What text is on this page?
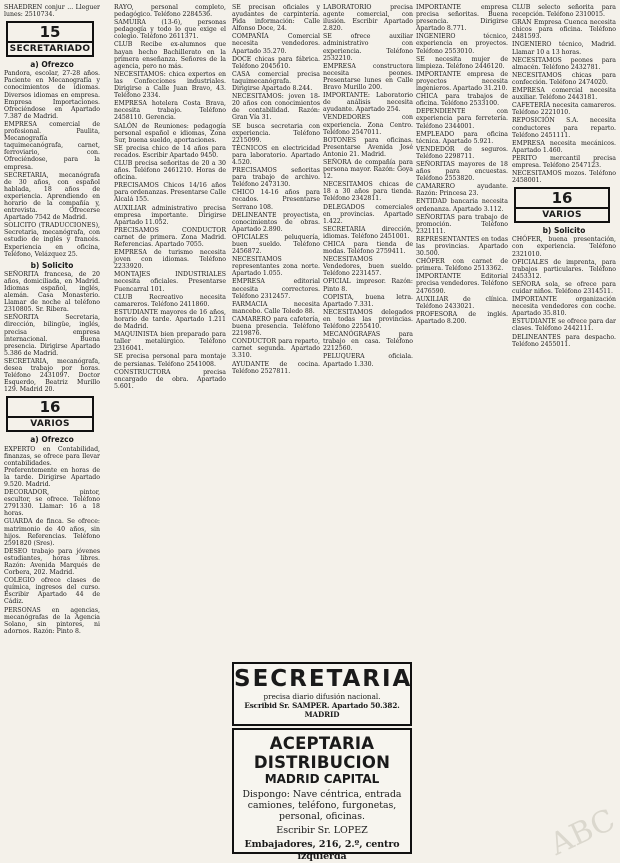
SHAEDREN conjur ... Lleguer lunes: 2510734.

15
SECRETARIADO
a) Ofrezco

Pandora, escolar, 27-28 años. Paciente en Mecanografía y conocimientos de idiomas. Diversos idiomas en empresa. Empresa Importaciones. Ofreciéndose en Apartado 7.387 de Madrid.

EMPRESA comercial de profesional. Paulita, Mecanografía taquimecanógrafa, carnet, ferroviario, con. Ofreciéndose, para la empresa.

SECRETARIA, mecanógrafa de 30 años, con español hablada, 18 años de experiencia. Aprendiendo en horario de la compañía y, entrevista. Ofrecerse Apartado 7542 de Madrid.

SOLICITO (TRADUCCIONES), Secretaria, mecanógrafa, con estudio de inglés y francés. Experiencia en oficina, Teléfono, Velázquez 25.

b) Solicito

SEÑORITA francesa, de 20 años, domiciliada, en Madrid. Idiomas español, inglés, alemán. Casa Monasterio. Llamar de noche al teléfono 2310805. Sr. Ribera.

SEÑORITA Secretaria, dirección, bilingüe, inglés, precisa empresa internacional. Buena presencia. Dirigirse Apartado 5.386 de Madrid.

SECRETARIA, mecanógrafa, desea trabajo por horas. Teléfono 2431097. Doctor Esquerdo, Beatriz Murillo 129. Madrid 20.

16
VARIOS
a) Ofrezco

EXPERTO en Contabilidad, finanzas, se ofrece para llevar contabilidades. Preferentemente en horas de la tarde. Dirigirse Apartado 9.520. Madrid.

DECORADOR, pintor, escultor, se ofrece. Teléfono 2791330. Llamar: 16 a 18 horas.

GUARDA de finca. Se ofrece: matrimonio de 40 años, sin hijos. Referencias. Teléfono 2591820 (Sres).

DESEO trabajo para jóvenes estudiantes, horas libres. Razón: Avenida Marqués de Corbera, 202. Madrid.

COLEGIO ofrece clases de química, ingresos del curso. Escribir Apartado 44 de Cádiz.

PERSONAS en agencias, mecanógrafas de la Agencia Solano, sin pintores, ni adornos. Razón: Pinto 8.

RAYO, personal completo, pedagógico. Teléfono 2284536.

SAMUIRA (13-6), personas pedagogía y todo lo que exige el colegio. Teléfono 2611371.

CLUB Recibe ex-alumnos que hayan hecho Bachillerato en la primera enseñanza. Señores de la agencia, pero no más.

NECESITAMOS: chica expertos en las Confecciones industriales. Dirigirse a Calle Juan Bravo, 43. Teléfono 2334.

EMPRESA hotelera Costa Brava, necesita trabajo. Teléfono 2458110. Gerencia.

SALÓN de Reuniones: pedagogía personal español e idiomas, Zona Sur, buena sueldo, aportaciones.

SE precisa chico de 14 años para recados. Escribir Apartado 9450.

CLUB precisa señoritas de 20 a 30 años. Teléfono 2461210. Horas de oficina.

PRECISAMOS Chicos 14/16 años para ordenanzas. Presentarse Calle Alcalá 155.

AUXILIAR administrativo precisa empresa importante. Dirigirse Apartado 11.052.

PRECISAMOS CONDUCTOR carnet de primera. Zona Madrid. Referencias. Apartado 7055.

EMPRESA de turismo necesita joven con idiomas. Teléfono 2233920.

MONTAJES INDUSTRIALES necesita oficiales. Presentarse Fuencarral 101.

CLUB Recreativo necesita camareros. Teléfono 2411860.

ESTUDIANTE mayores de 16 años, horario de tarde. Apartado 1.211 de Madrid.

MAQUINISTA bien preparado para taller metalúrgico. Teléfono 2316041.

SE precisa personal para montaje de persianas. Teléfono 2541008.

CONSTRUCTORA precisa encargado de obra. Apartado 5.601.

SE precisan oficiales y ayudantes de carpintería. Pida información: Calle Alfonso Doce, 24.

COMPAÑÍA Comercial necesita vendedores. Apartado 35.270.

DOCE chicas para fábrica. Teléfono 2045610.

CASA comercial precisa taquimecanógrafa. Dirigirse Apartado 8.244.

NECESITAMOS: joven 18-20 años con conocimientos de contabilidad. Razón: Gran Vía 31.

SE busca secretaria con experiencia. Teléfono 2215099.

TÉCNICOS en electricidad para laboratorio. Apartado 4.520.

PRECISAMOS señoritas para trabajo de archivo. Teléfono 2473130.

CHICO 14-16 años para recados. Presentarse Serrano 108.

DELINEANTE proyectista, conocimientos de obras. Apartado 2.890.

OFICIALES peluquería, buen sueldo. Teléfono 2456872.

NECESITAMOS representantes zona norte. Apartado 1.055.

EMPRESA editorial necesita correctores. Teléfono 2312457.

FARMACIA necesita mancebo. Calle Toledo 88.

CAMARERO para cafetería, buena presencia. Teléfono 2219876.

CONDUCTOR para reparto, carnet segunda. Apartado 3.310.

AYUDANTE de cocina. Teléfono 2527811.

LABORATORIO precisa agente comercial, con ilusión. Escribir Apartado 2.820.

SE ofrece auxiliar administrativo con experiencia. Teléfono 2532210.

EMPRESA constructora necesita peones. Presentarse lunes en Calle Bravo Murillo 200.

IMPORTANTE: Laboratorio de análisis necesita ayudante. Apartado 254.

VENDEDORES con experiencia. Zona Centro. Teléfono 2547011.

BOTONES para oficinas. Presentarse Avenida José Antonio 21. Madrid.

SEÑORA de compañía para persona mayor. Razón: Goya 12.

NECESITAMOS chicas de 18 a 30 años para tienda. Teléfono 2342811.

DELEGADOS comerciales en provincias. Apartado 1.422.

SECRETARIA dirección, idiomas. Teléfono 2451001.

CHICA para tienda de modas. Teléfono 2759411.

NECESITAMOS Vendedores, buen sueldo. Teléfono 2231457.

OFICIAL impresor. Razón: Pinto 8.

COPISTA, buena letra. Apartado 7.331.

NECESITAMOS delegados en todas las provincias. Teléfono 2255410.

MECANÓGRAFAS para trabajo en casa. Teléfono 2212560.

PELUQUERA oficiala. Apartado 1.330.

IMPORTANTE empresa precisa señoritas. Buena presencia. Dirigirse Apartado 8.771.

INGENIERO técnico, experiencia en proyectos. Teléfono 2553010.

SE necesita mujer de limpieza. Teléfono 2446120.

IMPORTANTE empresa de proyectos necesita ingenieros. Apartado 31.210.

CHICA para trabajos de oficina. Teléfono 2533100.

DEPENDIENTE con experiencia para ferretería. Teléfono 2344001.

EMPLEADO para oficina técnica. Apartado 5.921.

VENDEDOR de seguros. Teléfono 2298711.

SEÑORITAS mayores de 18 años para encuestas. Teléfono 2553820.

CAMARERO ayudante. Razón: Princesa 23.

ENTIDAD bancaria necesita ordenanza. Apartado 3.112.

SEÑORITAS para trabajo de promoción. Teléfono 2321111.

REPRESENTANTES en todas las provincias. Apartado 30.500.

CHÓFER con carnet de primera. Teléfono 2513362.

IMPORTANTE Editorial precisa vendedores. Teléfono 2476590.

AUXILIAR de clínica. Teléfono 2433021.

PROFESORA de inglés. Apartado 8.200.

CLUB selecto señorita para recepción. Teléfono 2310015.

GRAN Empresa Cuenca necesita chicos para oficina. Teléfono 2481593.

INGENIERO técnico, Madrid. Llamar 10 a 13 horas.

NECESITAMOS peones para almacén. Teléfono 2432781.

NECESITAMOS chicas para confección. Teléfono 2474020.

EMPRESA comercial necesita auxiliar. Teléfono 2443181.

CAFETERÍA necesita camareros. Teléfono 2221010.

REPOSICIÓN S.A. necesita conductores para reparto. Teléfono 2451111.

EMPRESA necesita mecánicos. Apartado 1.460.

PERITO mercantil precisa empresa. Teléfono 2547123.

NECESITAMOS mozos. Teléfono 2458001.

16
VARIOS
b) Solicito

CHÓFER, buena presentación, con experiencia. Teléfono 2321010.

OFICIALES de imprenta, para trabajos particulares. Teléfono 2453312.

SEÑORA sola, se ofrece para cuidar niños. Teléfono 2314511.

IMPORTANTE organización necesita vendedores con coche. Apartado 35.810.

ESTUDIANTE se ofrece para dar clases. Teléfono 2442111.

DELINEANTES para despacho. Teléfono 2455011.

SECRETARIA
precisa diario difusión nacional.
Escribid Sr. SAMPER. Apartado 50.382. MADRID
ACEPTARIA DISTRIBUCION
MADRID CAPITAL
Dispongo: Nave céntrica, entrada camiones, teléfono, furgonetas, personal, oficinas.
Escribir Sr. LOPEZ
Embajadores, 216, 2.º, centro izquierda	ABC
